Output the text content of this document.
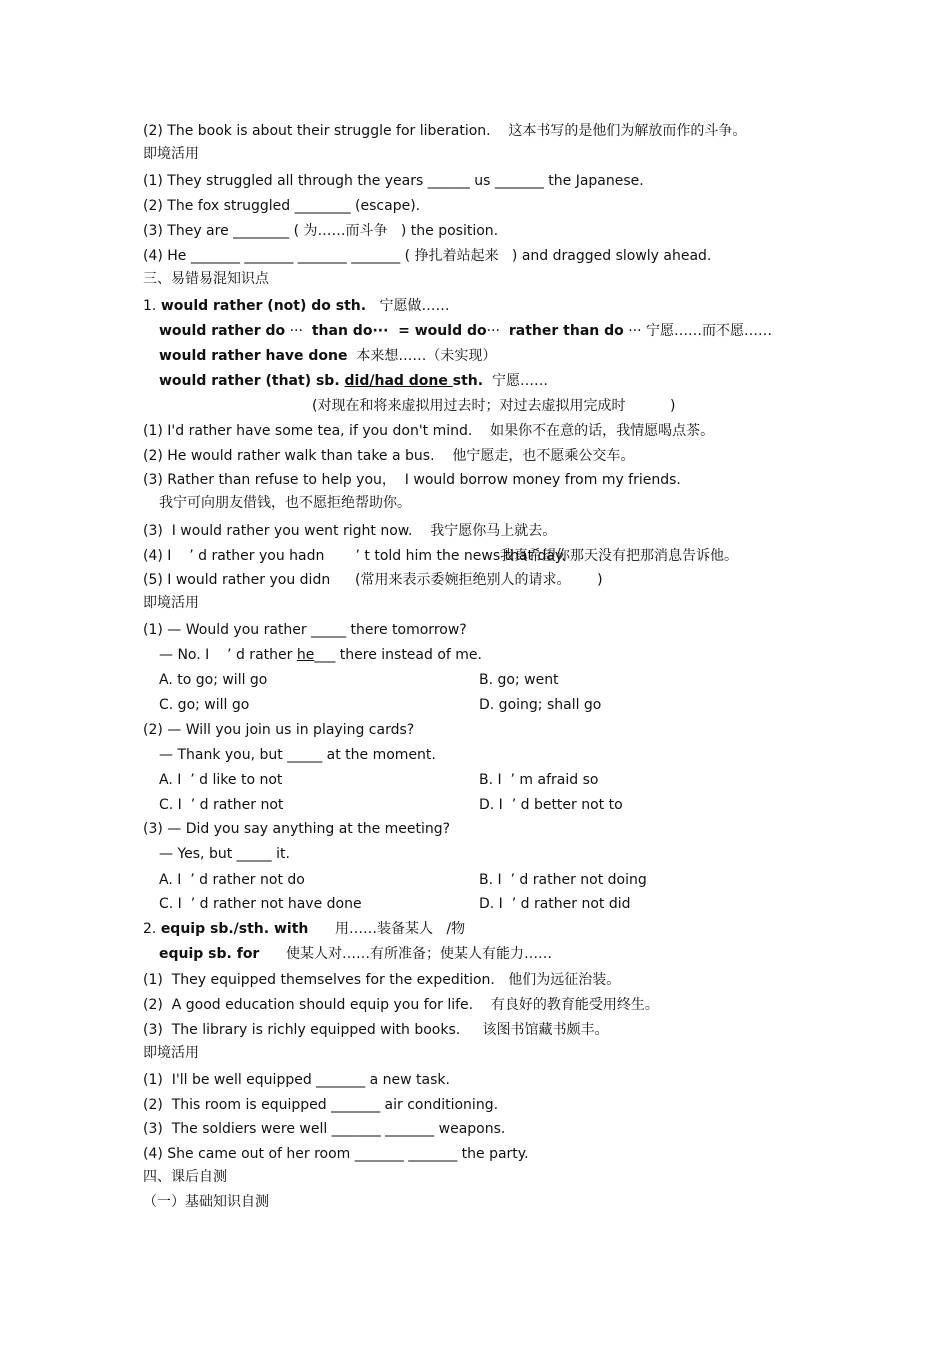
(2) The book is about their struggle for liberation.    这本书写的是他们为解放而作的斗争。
即境活用
(1) They struggled all through the years ______ us _______ the Japanese.
(2) The fox struggled ________ (escape).
(3) They are ________ ( 为……而斗争   ) the position.
(4) He _______ _______ _______ _______ ( 挣扎着站起来   ) and dragged slowly ahead.
三、易错易混知识点
1. would rather (not) do sth.   宁愿做……
would rather do ···  than do···  = would do···  rather than do ··· 宁愿……而不愿……
would rather have done  本来想……（未实现）
would rather (that) sb. did/had done sth.  宁愿……
(对现在和将来虚拟用过去时；对过去虚拟用完成时          )
(1) I'd rather have some tea, if you don't mind.    如果你不在意的话，我情愿喝点茶。
(2) He would rather walk than take a bus.    他宁愿走，也不愿乘公交车。
(3) Rather than refuse to help you，  I would borrow money from my friends.
我宁可向朋友借钱，也不愿拒绝帮助你。
(3)  I would rather you went right now.    我宁愿你马上就去。
(4) I    ’ d rather you hadn       ’ t told him the news that day.
我真希望你那天没有把那消息告诉他。
(5) I would rather you didn (常用来表示委婉拒绝别人的请求。      )
即境活用
(1) — Would you rather _____ there tomorrow?
— No. I    ’ d rather he___ there instead of me.
A. to go; will go	B. go; went
C. go; will go	D. going; shall go
(2) — Will you join us in playing cards?
— Thank you, but _____ at the moment.
A. I  ’ d like to not	B. I  ’ m afraid so
C. I  ’ d rather not	D. I  ’ d better not to
(3) — Did you say anything at the meeting?
— Yes, but _____ it.
A. I  ’ d rather not do	B. I  ’ d rather not doing
C. I  ’ d rather not have done	D. I  ’ d rather not did
2. equip sb./sth. with      用……装备某人   /物
equip sb. for      使某人对……有所准备；使某人有能力……
(1)  They equipped themselves for the expedition.   他们为远征治装。
(2)  A good education should equip you for life.    有良好的教育能受用终生。
(3)  The library is richly equipped with books.     该图书馆藏书颇丰。
即境活用
(1)  I'll be well equipped _______ a new task.
(2)  This room is equipped _______ air conditioning.
(3)  The soldiers were well _______ _______ weapons.
(4) She came out of her room _______ _______ the party.
四、课后自测
（一）基础知识自测
